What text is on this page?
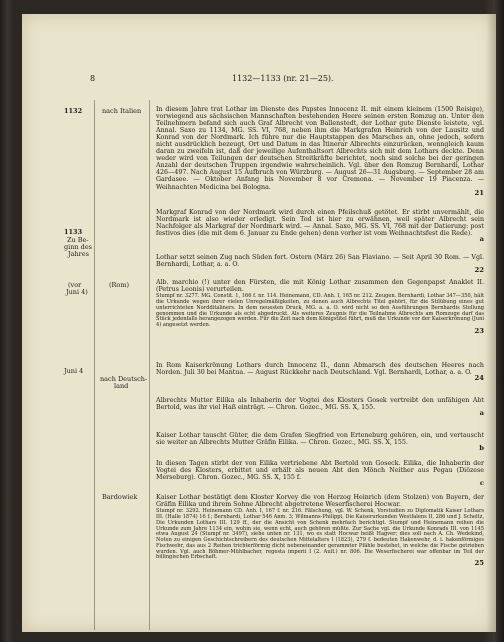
8	1132—1133 (nr. 21—25).
1132	nach Italien
1133
Zu Be-
ginn des
Jahres
(vor
Juni 4)
(Rom)
Juni 4
nach Deutsch-
land
Bardowiek

In diesem Jahre trat Lothar im Dienste des Papstes Innocenz II. mit einem kleinem (1500 Reisige), vorwiegend aus sächsischen Mannschaften bestehenden Heere seinen ersten Romzug an. Unter den Teilnehmern befand sich auch Graf Albrecht von Ballenstedt, der Lothar gute Dienste leistete, vgl. Annal. Saxo zu 1134, MG. SS. VI, 768, neben ihm die Markgrafen Heinrich von der Lausitz und Konrad von der Nordmark. Ich führe nur die Hauptstappen des Marsches an, ohne jedoch, sofern nicht ausdrücklich bezeugt, Ort und Datum in das Itinerar Albrechts einzurücken, wenngleich kaum daran zu zweifeln ist, daß der jeweilige Aufenthaltsort Albrechts sich mit dem Lothars deckte. Denn weder wird von Teilungen der deutschen Streitkräfte berichtet, noch sind solche bei der geringen Anzahl der deutschen Truppen irgendwie wahrscheinlich. Vgl. über den Romzug Bernhardi, Lothar 426—497. Nach August 15 Aufbruch von Würzburg. — August 26—31 Augsburg. — September 28 am Gardasee. — Oktober Anfang bis November 8 vor Cremona. — November 19 Piacenza. — Weihnachten Medicina bei Bologna.
21

Markgraf Konrad von der Nordmark wird durch einen Pfeilschuß getötet. Er stirbt unvermählt, die Nordmark ist also wieder erledigt. Sein Tod ist hier zu erwähnen, weil später Albrecht sein Nachfolger als Markgraf der Nordmark wird. — Annal. Saxo, MG. SS. VI, 768 mit der Datierung: post festivos dies (die mit dem 6. Januar zu Ende gehen) denn vorher ist vom Weihnachtsfest die Rede).
a

Lothar setzt seinen Zug nach Süden fort. Ostern (März 26) San Flaviano. — Seit April 30 Rom. — Vgl. Bernhardi, Lothar, a. a. O.
22

Alb. marchio (!) unter den Fürsten, die mit König Lothar zusammen den Gegenpapst Anaklet II. (Petrus Leonis) verurteilen.

Stumpf nr. 3277. MG. Constit. 1, 166 f. nr. 114. Heinemann, CD. Anh. I, 165 nr. 212. Zeugen. Bernhardi, Lothar 347—350, hält die Urkunde wegen ihrer vielen Unregelmäßigkeiten, zu denen auch Albrechts Titel gehört, für die Stilübung eines gut unterrichteten Nordditaliners. In dem neuesten Druck, MG. a. a. O. wird nicht so den Ausführungen Bernhardis Stellung genommen und die Urkunde als echt abgedruckt. Als weiteres Zeugnis für die Teilnahme Albrechts am Romzuge darf das Stück jedenfalls herangezogen werden. Für die Zeit nach dem Königstitel führt, muß die Urkunde vor der Kaiserkrönung (Juni 4) angesetzt werden.
23

In Rom Kaiserkrönung Lothars durch Innocenz II., dann Abmarsch des deutschen Heeres nach Norden. Juli 30 bei Mantua. — August Rückkehr nach Deutschland. Vgl. Bernhardi, Lothar, a. a. O.
24

Albrechts Mutter Eilika als Inhaberin der Vogtei des Klosters Gosek vertreibt den unfähigen Abt Bertold, was ihr viel Haß einträgt. — Chron. Gozec., MG. SS. X, 155.
a

Kaiser Lothar tauscht Güter, die dem Grafen Siegfried von Erteneburg gehören, ein, und vertauscht sie weiter an Albrechts Mutter Gräfin Eilika. — Chron. Gozec., MG. SS. X, 155.
b

In diesen Tagen stirbt der von Eilika vertriebene Abt Bertold von Goseck. Eilika, die Inhaberin der Vogtei des Klosters, erbittet und erhält als neuen Abt den Mönch Neither aus Pegau (Diözese Merseburg). Chron. Gozec., MG. SS. X, 155 f.
c

Kaiser Lothar bestätigt dem Kloster Korvey die von Herzog Heinrich (dem Stolzen) von Bayern, der Gräfin Eilika und ihrem Sohne Albrecht abgetretene Weserfischerei Hocwar.

Stumpf nr. 3292. Heinemann CD. Anh. I, 167 f. nr. 216. Fälschung, vgl. W. Schenk, Vorstudien zu Diplomatik Kaiser Lothars III. (Halle 1874) 16 f.; Bernhardi, Lothar 546 Anm. 3; Wilmanns-Philippi, Die Kaiserurkunden Westfalens II, 286 und J. Scheltz, Die Urkunden Lothars III. 129 ff., der die Ansicht von Schenk mehrfach berichtigt. Stumpf und Heinemann reihen die Urkunde zum Jahre 1134 ein, wohin sie, wenn echt, auch gehören müßte. Zur Sache vgl. die Urkunde Konrads III. von 1145 etwa August 24 (Stumpf nr. 3497), siehe unten nr. 131, wo es statt Hocwar heißt Hagver; dies soll nach A. Ch. Wedekind, Noten zu einigen Geschichtschreibern des deutschen Mittelalters I (1823), 279 f. bedeuten Hakenwehr, d. i. hakenförmiges Fischwehr, das aus 2 Reihen trichterförmig dicht nebeneinander gerammter Pfähle bestehet, in welche die Fische getrieben wurden. Vgl. auch Böhmer-Mühlbacher, regesta imperii I (2. Aufl.) nr. 806. Die Weserfischerei war offenbar im Teil der billingischen Erbschaft.
25
